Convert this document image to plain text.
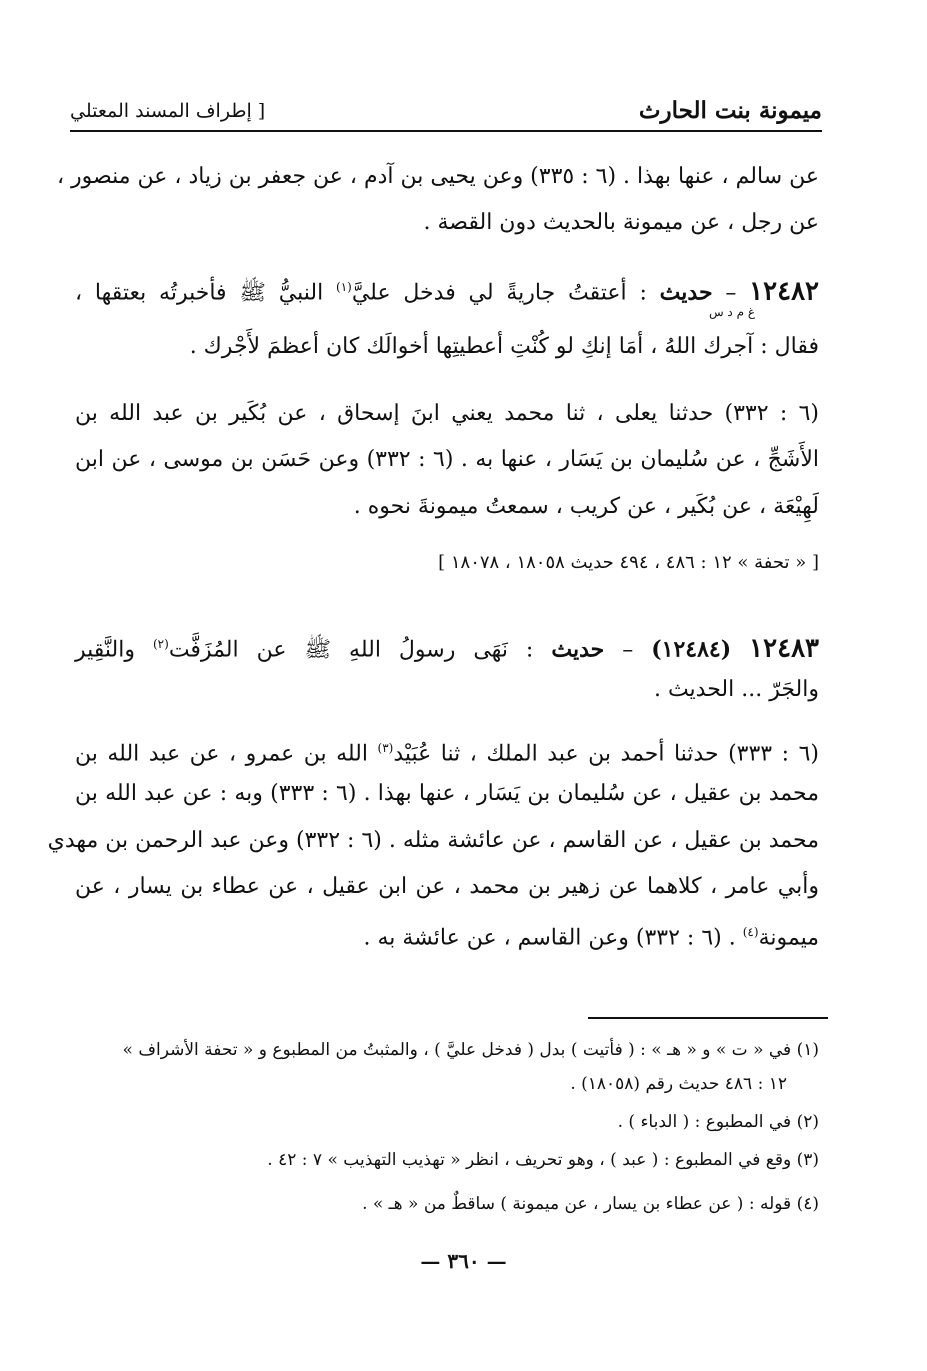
[ إطراف المسند المعتلي	ميمونة بنت الحارث
عن سالم ، عنها بهذا . (٦ : ٣٣٥) وعن يحيى بن آدم ، عن جعفر بن زياد ، عن منصور ،
عن رجل ، عن ميمونة بالحديث دون القصة .
١٢٤٨٢ – حديث : أعتقتُ جاريةً لي فدخل عليَّ$^{(١)}$ النبيُّ ﷺ فأخبرتُه بعتقها ،
غ م د س
فقال : آجرك اللهُ ، أمَا إنكِ لو كُنْتِ أعطيتِها أخوالَك كان أعظمَ لأَجْرك .
(٦ : ٣٣٢) حدثنا يعلى ، ثنا محمد يعني ابنَ إسحاق ، عن بُكَير بن عبد الله بن
الأَشَجِّ ، عن سُليمان بن يَسَار ، عنها به . (٦ : ٣٣٢) وعن حَسَن بن موسى ، عن ابن
لَهِيْعَة ، عن بُكَير ، عن كريب ، سمعتُ ميمونةَ نحوه .
[ « تحفة » ١٢ : ٤٨٦ ، ٤٩٤ حديث ١٨٠٥٨ ، ١٨٠٧٨ ]
١٢٤٨٣ (١٢٤٨٤) – حديث : نَهَى رسولُ اللهِ ﷺ عن المُزَفَّت$^{(٢)}$ والنَّقِير
والجَرّ ... الحديث .
(٦ : ٣٣٣) حدثنا أحمد بن عبد الملك ، ثنا عُبَيْد$^{(٣)}$ الله بن عمرو ، عن عبد الله بن
محمد بن عقيل ، عن سُليمان بن يَسَار ، عنها بهذا . (٦ : ٣٣٣) وبه : عن عبد الله بن
محمد بن عقيل ، عن القاسم ، عن عائشة مثله . (٦ : ٣٣٢) وعن عبد الرحمن بن مهدي
وأبي عامر ، كلاهما عن زهير بن محمد ، عن ابن عقيل ، عن عطاء بن يسار ، عن
ميمونة$^{(٤)}$ . (٦ : ٣٣٢) وعن القاسم ، عن عائشة به .
(١) في « ت » و « هـ » : ( فأتيت ) بدل ( فدخل عليَّ ) ، والمثبتُ من المطبوع و « تحفة الأشراف »
١٢ : ٤٨٦ حديث رقم (١٨٠٥٨) .
(٢) في المطبوع : ( الدباء ) .
(٣) وقع في المطبوع : ( عبد ) ، وهو تحريف ، انظر « تهذيب التهذيب » ٧ : ٤٢ .
(٤) قوله : ( عن عطاء بن يسار ، عن ميمونة ) ساقطٌ من « هـ » .
— ٣٦٠ —
